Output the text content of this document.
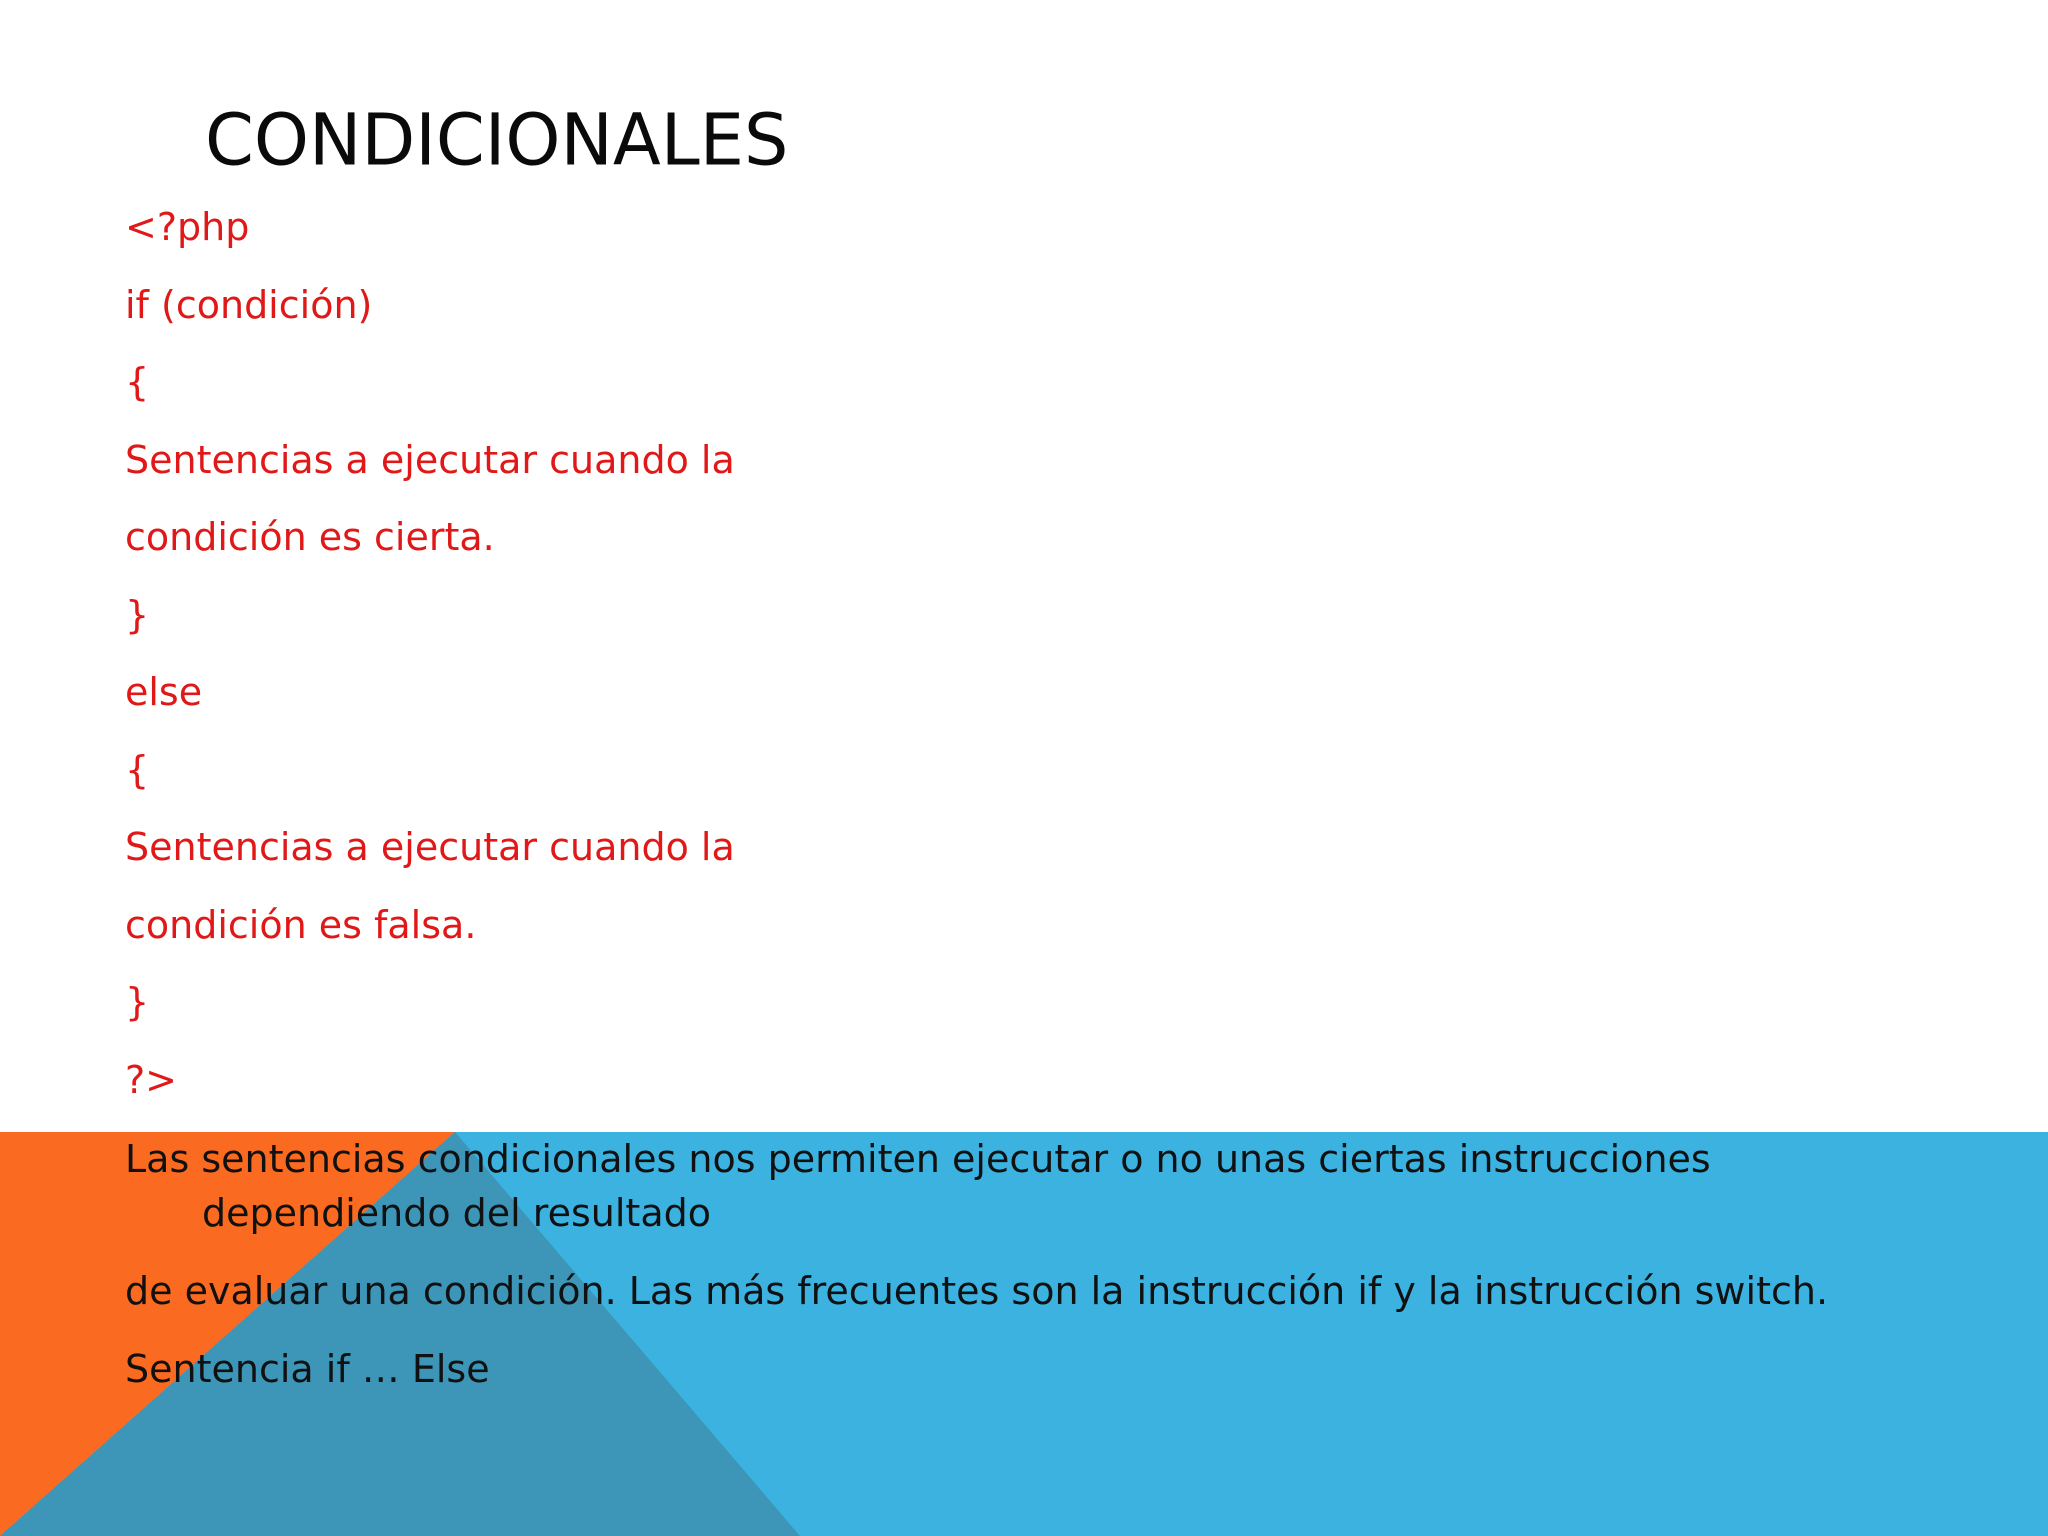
CONDICIONALES
<?php
if (condición)
{
Sentencias a ejecutar cuando la
condición es cierta.
}
else
{
Sentencias a ejecutar cuando la
condición es falsa.
}
?>

Las sentencias condicionales nos permiten ejecutar o no unas ciertas instrucciones
dependiendo del resultado

de evaluar una condición. Las más frecuentes son la instrucción if y la instrucción switch.

Sentencia if … Else
